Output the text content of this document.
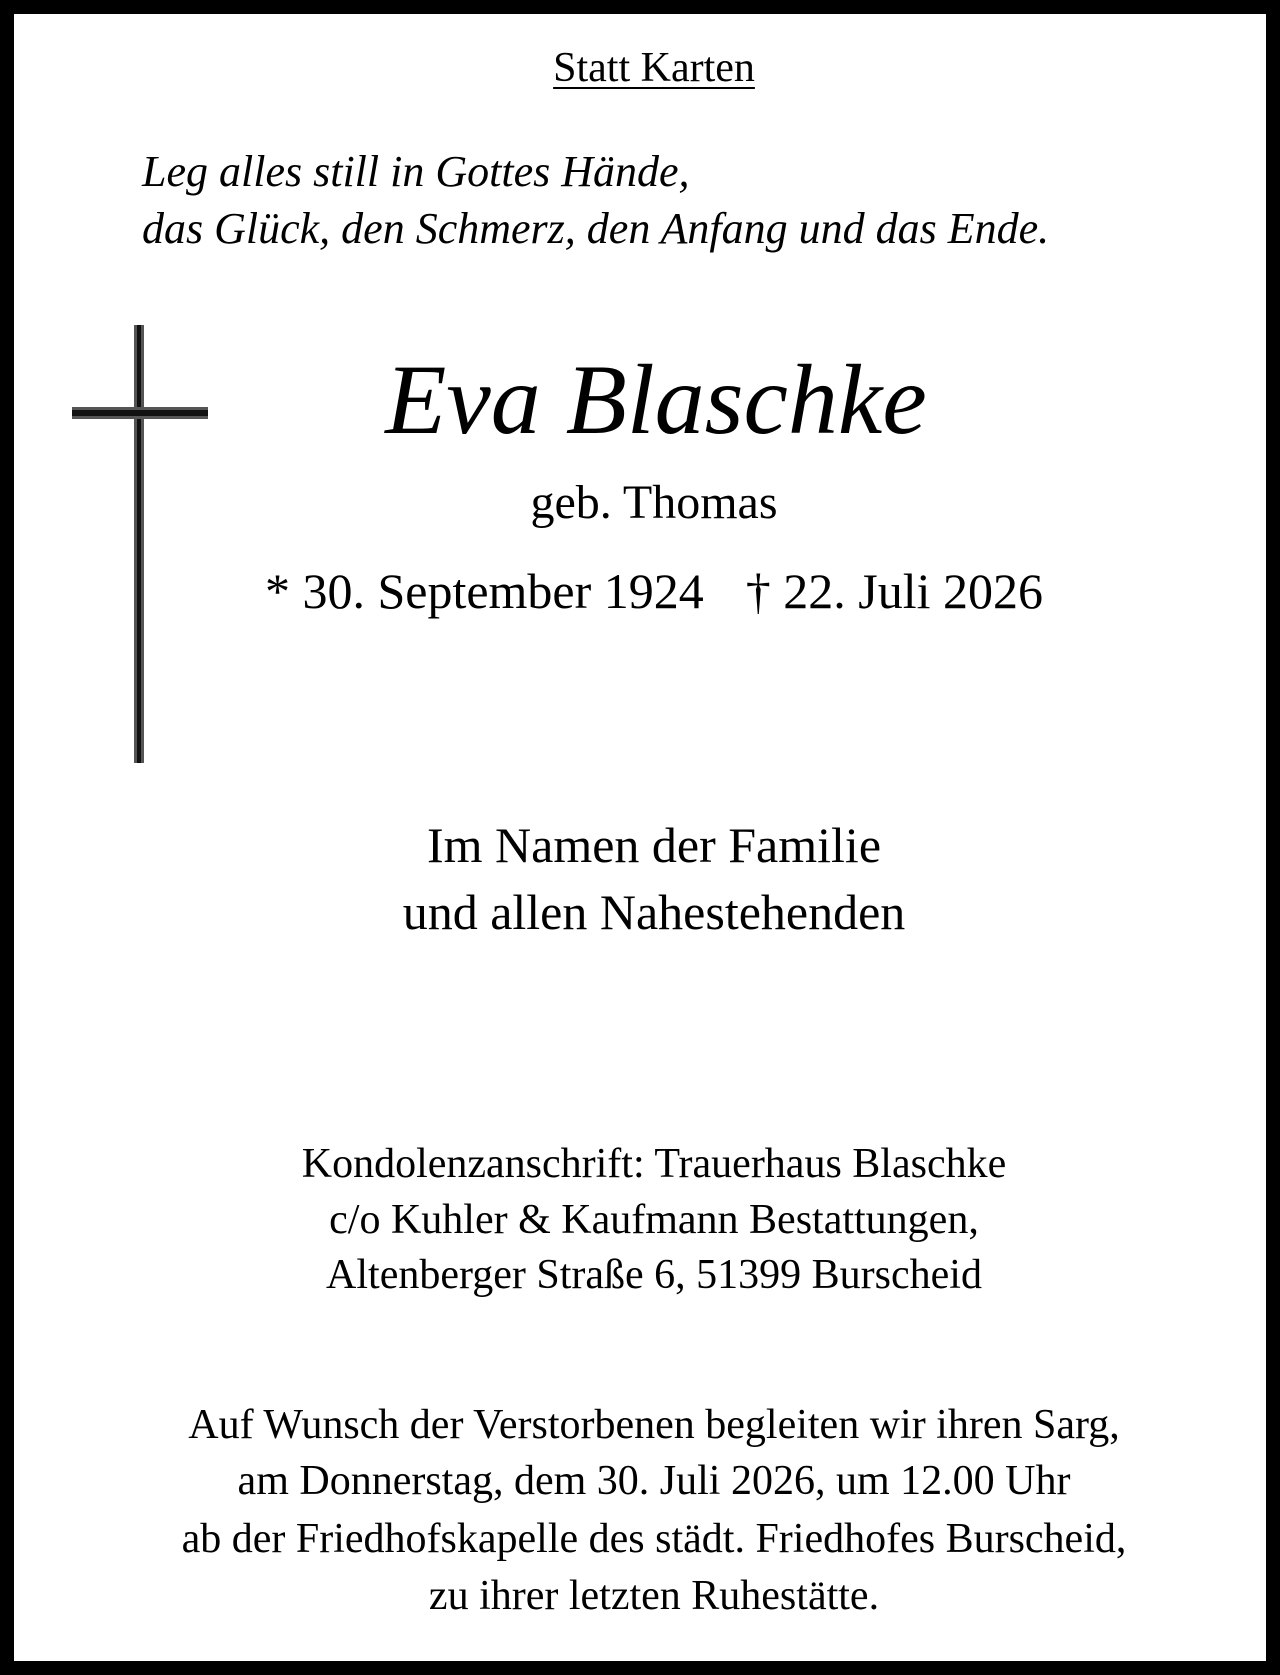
Statt Karten
Leg alles still in Gottes Hände,
das Glück, den Schmerz, den Anfang und das Ende.
Eva Blaschke
geb. Thomas
* 30. September 1924 † 22. Juli 2026
Im Namen der Familie
und allen Nahestehenden
Kondolenzanschrift: Trauerhaus Blaschke
c/o Kuhler & Kaufmann Bestattungen,
Altenberger Straße 6, 51399 Burscheid
Auf Wunsch der Verstorbenen begleiten wir ihren Sarg,
am Donnerstag, dem 30. Juli 2026, um 12.00 Uhr
ab der Friedhofskapelle des städt. Friedhofes Burscheid,
zu ihrer letzten Ruhestätte.
